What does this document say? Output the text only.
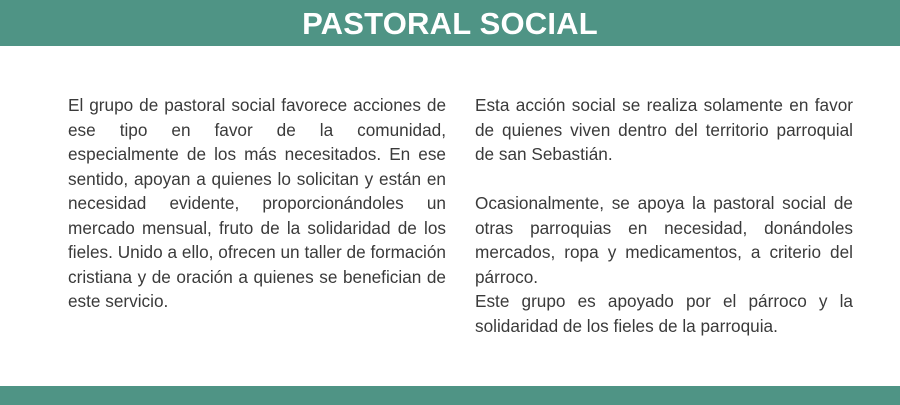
PASTORAL SOCIAL

El grupo de pastoral social favorece acciones de ese tipo en favor de la comunidad, especialmente de los más necesitados. En ese sentido, apoyan a quienes lo solicitan y están en necesidad evidente, proporcionándoles un mercado mensual, fruto de la solidaridad de los fieles. Unido a ello, ofrecen un taller de formación cristiana y de oración a quienes se benefician de este servicio.

Esta acción social se realiza solamente en favor de quienes viven dentro del territorio parroquial de san Sebastián.

Ocasionalmente, se apoya la pastoral social de otras parroquias en necesidad, donándoles mercados, ropa y medicamentos, a criterio del párroco.

Este grupo es apoyado por el párroco y la solidaridad de los fieles de la parroquia.
